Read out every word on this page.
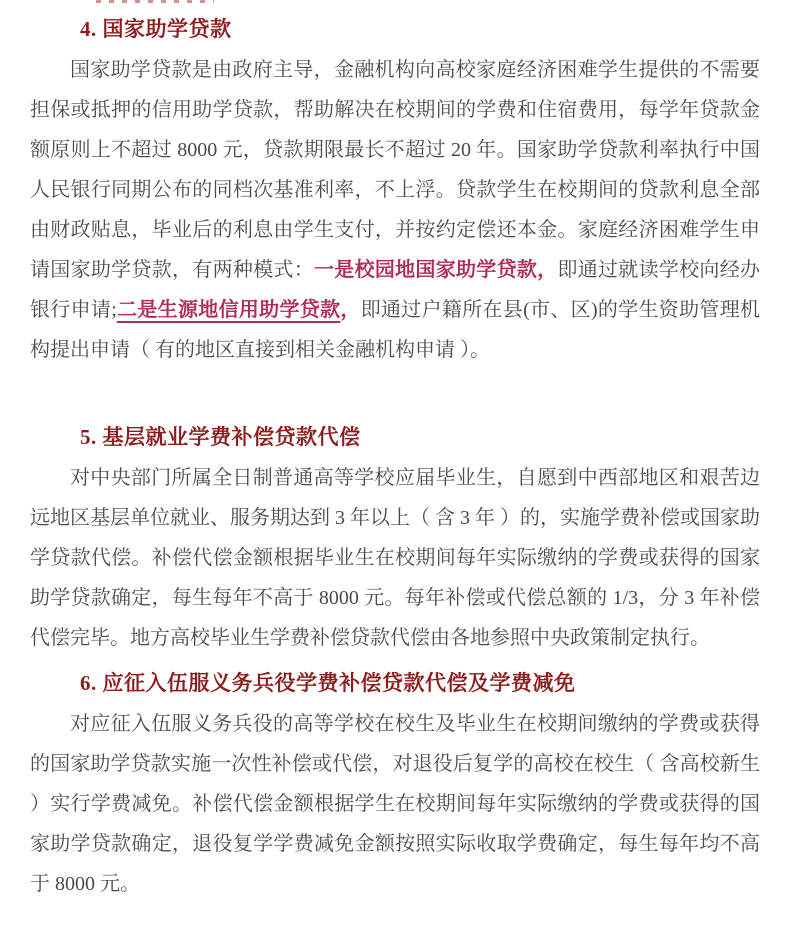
4. 国家助学贷款

国家助学贷款是由政府主导，金融机构向高校家庭经济困难学生提供的不需要担保或抵押的信用助学贷款，帮助解决在校期间的学费和住宿费用，每学年贷款金额原则上不超过 8000 元，贷款期限最长不超过 20 年。国家助学贷款利率执行中国人民银行同期公布的同档次基准利率，不上浮。贷款学生在校期间的贷款利息全部由财政贴息，毕业后的利息由学生支付，并按约定偿还本金。家庭经济困难学生申请国家助学贷款，有两种模式：一是校园地国家助学贷款，即通过就读学校向经办银行申请;二是生源地信用助学贷款，即通过户籍所在县(市、区)的学生资助管理机构提出申请（ 有的地区直接到相关金融机构申请 ）。

5. 基层就业学费补偿贷款代偿

对中央部门所属全日制普通高等学校应届毕业生，自愿到中西部地区和艰苦边远地区基层单位就业、服务期达到 3 年以上（ 含 3 年 ）的，实施学费补偿或国家助学贷款代偿。补偿代偿金额根据毕业生在校期间每年实际缴纳的学费或获得的国家助学贷款确定，每生每年不高于 8000 元。每年补偿或代偿总额的 1/3，分 3 年补偿代偿完毕。地方高校毕业生学费补偿贷款代偿由各地参照中央政策制定执行。

6. 应征入伍服义务兵役学费补偿贷款代偿及学费减免

对应征入伍服义务兵役的高等学校在校生及毕业生在校期间缴纳的学费或获得的国家助学贷款实施一次性补偿或代偿，对退役后复学的高校在校生（ 含高校新生 ）实行学费减免。补偿代偿金额根据学生在校期间每年实际缴纳的学费或获得的国家助学贷款确定，退役复学学费减免金额按照实际收取学费确定，每生每年均不高于 8000 元。
